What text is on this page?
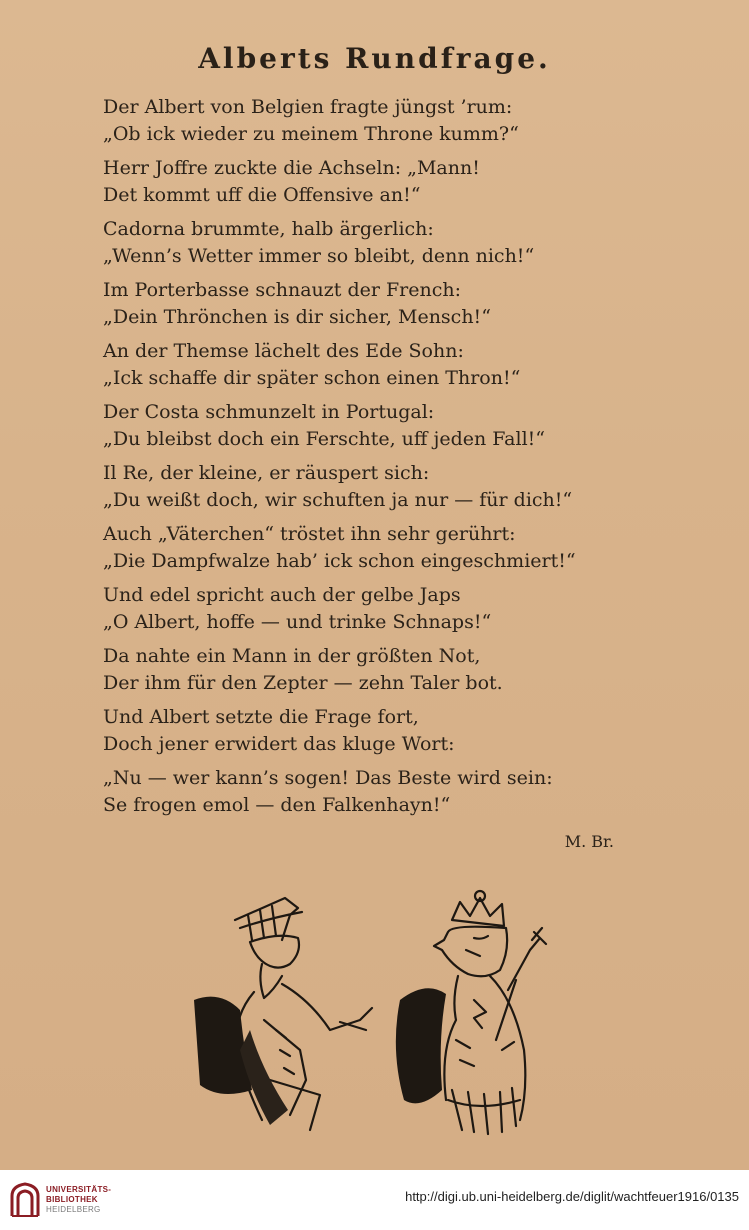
Alberts Rundfrage.
Der Albert von Belgien fragte jüngst ’rum:
„Ob ick wieder zu meinem Throne kumm?“
Herr Joffre zuckte die Achseln: „Mann!
Det kommt uff die Offensive an!“
Cadorna brummte, halb ärgerlich:
„Wenn’s Wetter immer so bleibt, denn nich!“
Im Porterbasse schnauzt der French:
„Dein Thrönchen is dir sicher, Mensch!“
An der Themse lächelt des Ede Sohn:
„Ick schaffe dir später schon einen Thron!“
Der Costa schmunzelt in Portugal:
„Du bleibst doch ein Ferschte, uff jeden Fall!“
Il Re, der kleine, er räuspert sich:
„Du weißt doch, wir schuften ja nur — für dich!“
Auch „Väterchen“ tröstet ihn sehr gerührt:
„Die Dampfwalze hab’ ick schon eingeschmiert!“
Und edel spricht auch der gelbe Japs
„O Albert, hoffe — und trinke Schnaps!“
Da nahte ein Mann in der größten Not,
Der ihm für den Zepter — zehn Taler bot.
Und Albert setzte die Frage fort,
Doch jener erwidert das kluge Wort:
„Nu — wer kann’s sogen! Das Beste wird sein:
Se frogen emol — den Falkenhayn!“
M. Br.
UNIVERSITÄTS-
BIBLIOTHEK
HEIDELBERG
http://digi.ub.uni-heidelberg.de/diglit/wachtfeuer1916/0135
